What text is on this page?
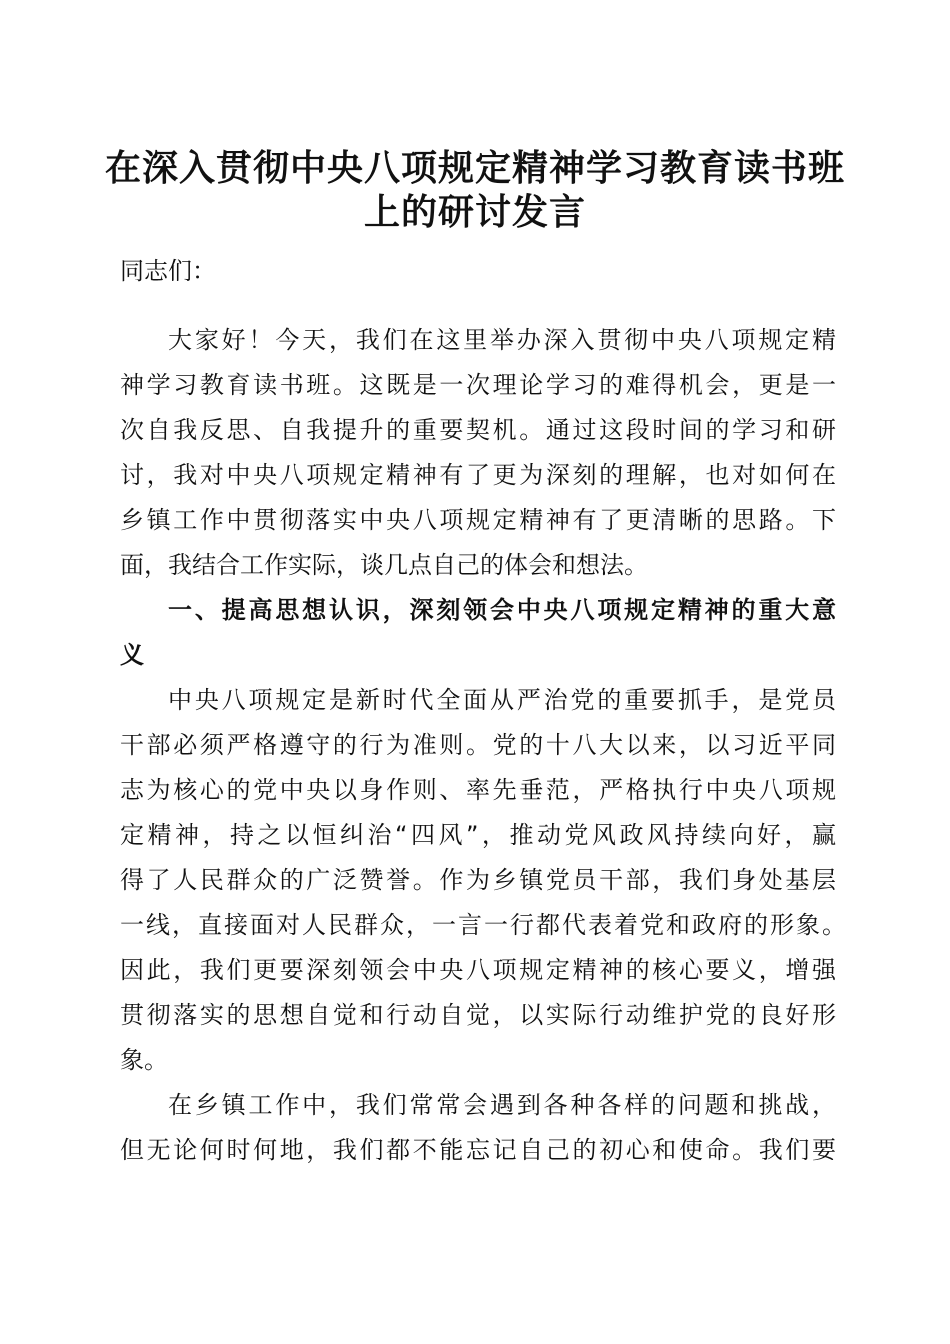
在深入贯彻中央八项规定精神学习教育读书班
上的研讨发言

同志们：

大家好！今天，我们在这里举办深入贯彻中央八项规定精

神学习教育读书班。这既是一次理论学习的难得机会，更是一

次自我反思、自我提升的重要契机。通过这段时间的学习和研

讨，我对中央八项规定精神有了更为深刻的理解，也对如何在

乡镇工作中贯彻落实中央八项规定精神有了更清晰的思路。下

面，我结合工作实际，谈几点自己的体会和想法。

一、提高思想认识，深刻领会中央八项规定精神的重大意

义

中央八项规定是新时代全面从严治党的重要抓手，是党员

干部必须严格遵守的行为准则。党的十八大以来，以习近平同

志为核心的党中央以身作则、率先垂范，严格执行中央八项规

定精神，持之以恒纠治“四风”，推动党风政风持续向好，赢

得了人民群众的广泛赞誉。作为乡镇党员干部，我们身处基层

一线，直接面对人民群众，一言一行都代表着党和政府的形象。

因此，我们更要深刻领会中央八项规定精神的核心要义，增强

贯彻落实的思想自觉和行动自觉，以实际行动维护党的良好形

象。

在乡镇工作中，我们常常会遇到各种各样的问题和挑战，

但无论何时何地，我们都不能忘记自己的初心和使命。我们要
